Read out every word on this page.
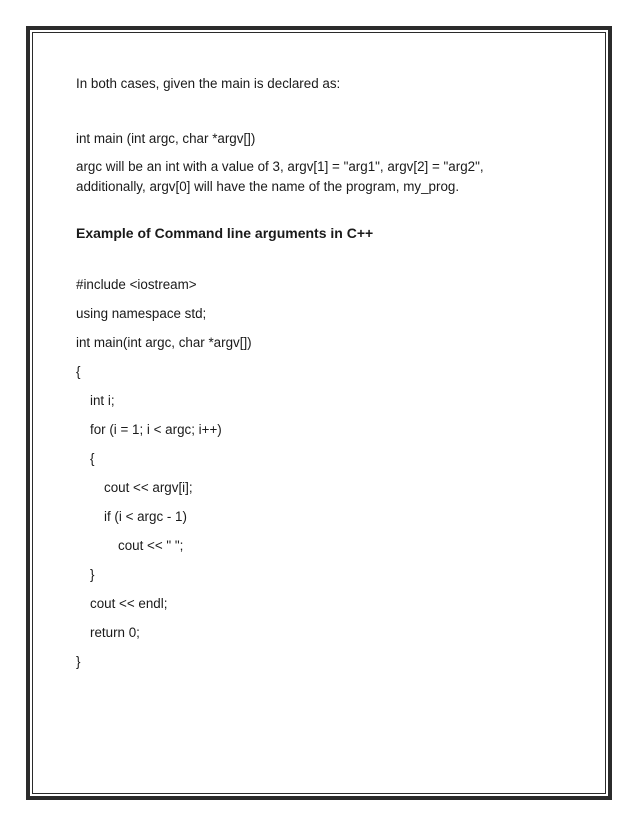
In both cases, given the main is declared as:

int main (int argc, char *argv[])

argc will be an int with a value of 3, argv[1] = "arg1", argv[2] = "arg2",
additionally, argv[0] will have the name of the program, my_prog.

Example of Command line arguments in C++

#include <iostream>
using namespace std;
int main(int argc, char *argv[])
{
int i;
for (i = 1; i < argc; i++)
{
cout << argv[i];
if (i < argc - 1)
cout << " ";
}
cout << endl;
return 0;
}
